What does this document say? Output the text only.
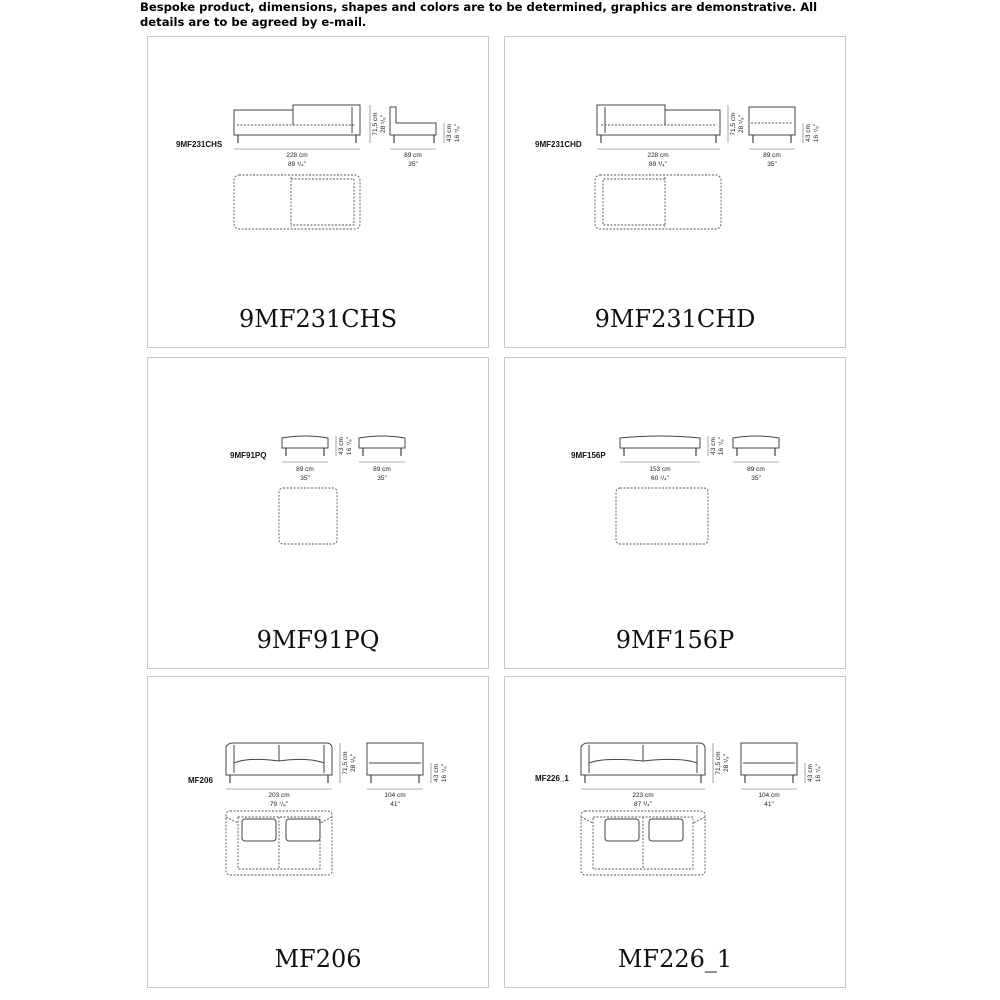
Bespoke product, dimensions, shapes and colors are to be determined, graphics are demonstrative. All details are to be agreed by e-mail.
9MF231CHS
228 cm
89 ³/₄"
89 cm
35"
71,5 cm 28 ¹/₈"	43 cm 16 ⁷/₈"
9MF231CHS
9MF231CHD
228 cm
89 ³/₄"
89 cm
35"
71,5 cm 28 ¹/₈"	43 cm 16 ⁷/₈"
9MF231CHD
9MF91PQ
89 cm
35"
89 cm
35"
43 cm 16 ⁷/₈"
9MF91PQ
9MF156P
153 cm
60 ¹/₄"
89 cm
35"
43 cm 16 ⁷/₈"
9MF156P
MF206
203 cm
79 ⁷/₈"
104 cm
41"
71,5 cm 28 ¹/₈"
43 cm 16 ⁷/₈"
MF206
MF226_1
223 cm
87 ³/₄"
104 cm
41"
71,5 cm 28 ¹/₈"
43 cm 16 ⁷/₈"
MF226_1
